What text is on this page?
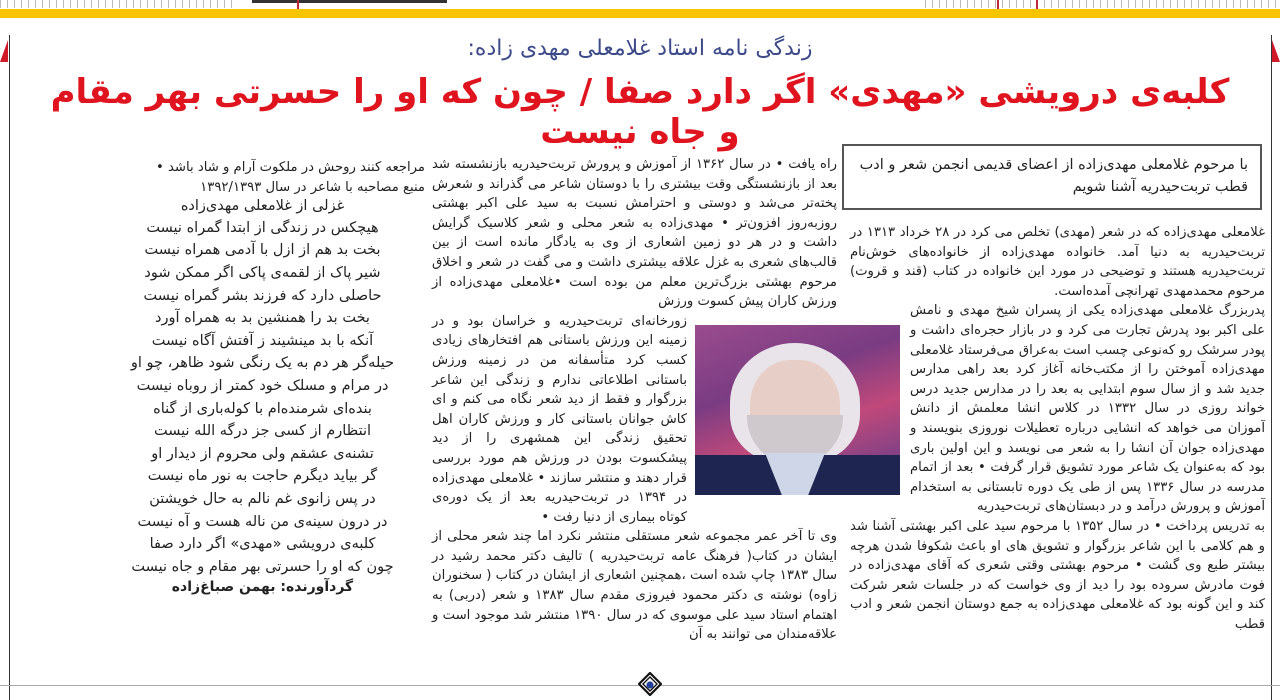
زندگی نامه استاد غلامعلی مهدی زاده:
کلبه‌ی درویشی «مهدی» اگر دارد صفا / چون که او را حسرتی بهر مقام و جاه نیست
با مرحوم غلامعلی مهدی‌زاده از اعضای قدیمی انجمن شعر و ادب قطب تربت‌حیدریه آشنا شویم

غلامعلی مهدی‌زاده که در شعر (مهدی) تخلص می کرد در ۲۸ خرداد ۱۳۱۳ در تربت‌حیدریه به دنیا آمد. خانواده مهدی‌زاده از خانواده‌های خوش‌نام تربت‌حیدریه هستند و توضیحی در مورد این خانواده در کتاب (قند و قروت) مرحوم محمدمهدی تهرانچی آمده‌است.

پدربزرگ غلامعلی مهدی‌زاده یکی از پسران شیخ مهدی و نامش علی اکبر بود پدرش تجارت می کرد و در بازار حجره‌ای داشت و پودر سرشک رو که‌نوعی چسب است به‌عراق می‌فرستاد غلامعلی مهدی‌زاده آموختن را از مکتب‌خانه آغاز کرد بعد راهی مدارس جدید شد و از سال سوم ابتدایی به بعد را در مدارس جدید درس خواند روزی در سال ۱۳۳۲ در کلاس انشا معلمش از دانش آموزان می خواهد که انشایی درباره تعطیلات نوروزی بنویسند و مهدی‌زاده جوان آن انشا را به شعر می نویسد و این اولین باری بود که به‌عنوان یک شاعر مورد تشویق قرار گرفت • بعد از اتمام مدرسه در سال ۱۳۳۶ پس از طی یک دوره تابستانی به استخدام آموزش و پرورش درآمد و در دبستان‌های تربت‌حیدریه

به تدریس پرداخت • در سال ۱۳۵۲ با مرحوم سید علی اکبر بهشتی آشنا شد و هم کلامی با این شاعر بزرگوار و تشویق های او باعث شکوفا شدن هرچه بیشتر طبع وی گشت • مرحوم بهشتی وقتی شعری که آقای مهدی‌زاده در فوت مادرش سروده بود را دید از وی خواست که در جلسات شعر شرکت کند و این گونه بود که غلامعلی مهدی‌زاده به جمع دوستان انجمن شعر و ادب قطب

راه یافت • در سال ۱۳۶۲ از آموزش و پرورش تربت‌حیدریه بازنشسته شد بعد از بازنشستگی وقت بیشتری را با دوستان شاعر می گذراند و شعرش پخته‌تر می‌شد و دوستی و احترامش نسبت به سید علی اکبر بهشتی روزبه‌روز افزون‌تر • مهدی‌زاده به شعر محلی و شعر کلاسیک گرایش داشت و در هر دو زمین اشعاری از وی به یادگار مانده است از بین قالب‌های شعری به غزل علاقه بیشتری داشت و می گفت در شعر و اخلاق مرحوم بهشتی بزرگ‌ترین معلم من بوده است •غلامعلی مهدی‌زاده از ورزش کاران پیش کسوت ورزش

زورخانه‌ای تربت‌حیدریه و خراسان بود و در زمینه این ورزش باستانی هم افتخارهای زیادی کسب کرد متأسفانه من در زمینه ورزش باستانی اطلاعاتی ندارم و زندگی این شاعر بزرگوار و فقط از دید شعر نگاه می کنم و ای کاش جوانان باستانی کار و ورزش کاران اهل تحقیق زندگی این همشهری را از دید پیشکسوت بودن در ورزش هم مورد بررسی قرار دهند و منتشر سازند • غلامعلی مهدی‌زاده در ۱۳۹۴ در تربت‌حیدریه بعد از یک دوره‌ی کوتاه بیماری از دنیا رفت •

وی تا آخر عمر مجموعه شعر مستقلی منتشر نکرد اما چند شعر محلی از ایشان در کتاب( فرهنگ عامه تربت‌حیدریه ) تالیف دکتر محمد رشید در سال ۱۳۸۳ چاپ شده است ،همچنین اشعاری از ایشان در کتاب ( سخنوران زاوه) نوشته ی دکتر محمود فیروزی مقدم سال ۱۳۸۳ و شعر (دربی) به اهتمام استاد سید علی موسوی که در سال ۱۳۹۰ منتشر شد موجود است و علاقه‌مندان می توانند به آن

مراجعه کنند روحش در ملکوت آرام و شاد باشد •

منبع مصاحبه با شاعر در سال ۱۳۹۲/۱۳۹۳

غزلی از غلامعلی مهدی‌زاده

هیچکس در زندگی از ابتدا گمراه نیست

بخت بد هم از ازل با آدمی همراه نیست

شیر پاک از لقمه‌ی پاکی اگر ممکن شود

حاصلی دارد که فرزند بشر گمراه نیست

بخت بد را همنشین بد به همراه آورد

آنکه با بد مینشیند ز آفتش آگاه نیست

حیله‌گر هر دم به یک رنگی شود ظاهر، چو او

در مرام و مسلک خود کمتر از روباه نیست

بنده‌ای شرمنده‌ام با کوله‌باری از گناه

انتظارم از کسی جز درگه الله نیست

تشنه‌ی عشقم ولی محروم از دیدار او

گر بیاید دیگرم حاجت به نور ماه نیست

در پس زانوی غم نالم به حال خویشتن

در درون سینه‌ی من ناله هست و آه نیست

کلبه‌ی درویشی «مهدی» اگر دارد صفا

چون که او را حسرتی بهر مقام و جاه نیست

گردآورنده: بهمن صباغ‌زاده
